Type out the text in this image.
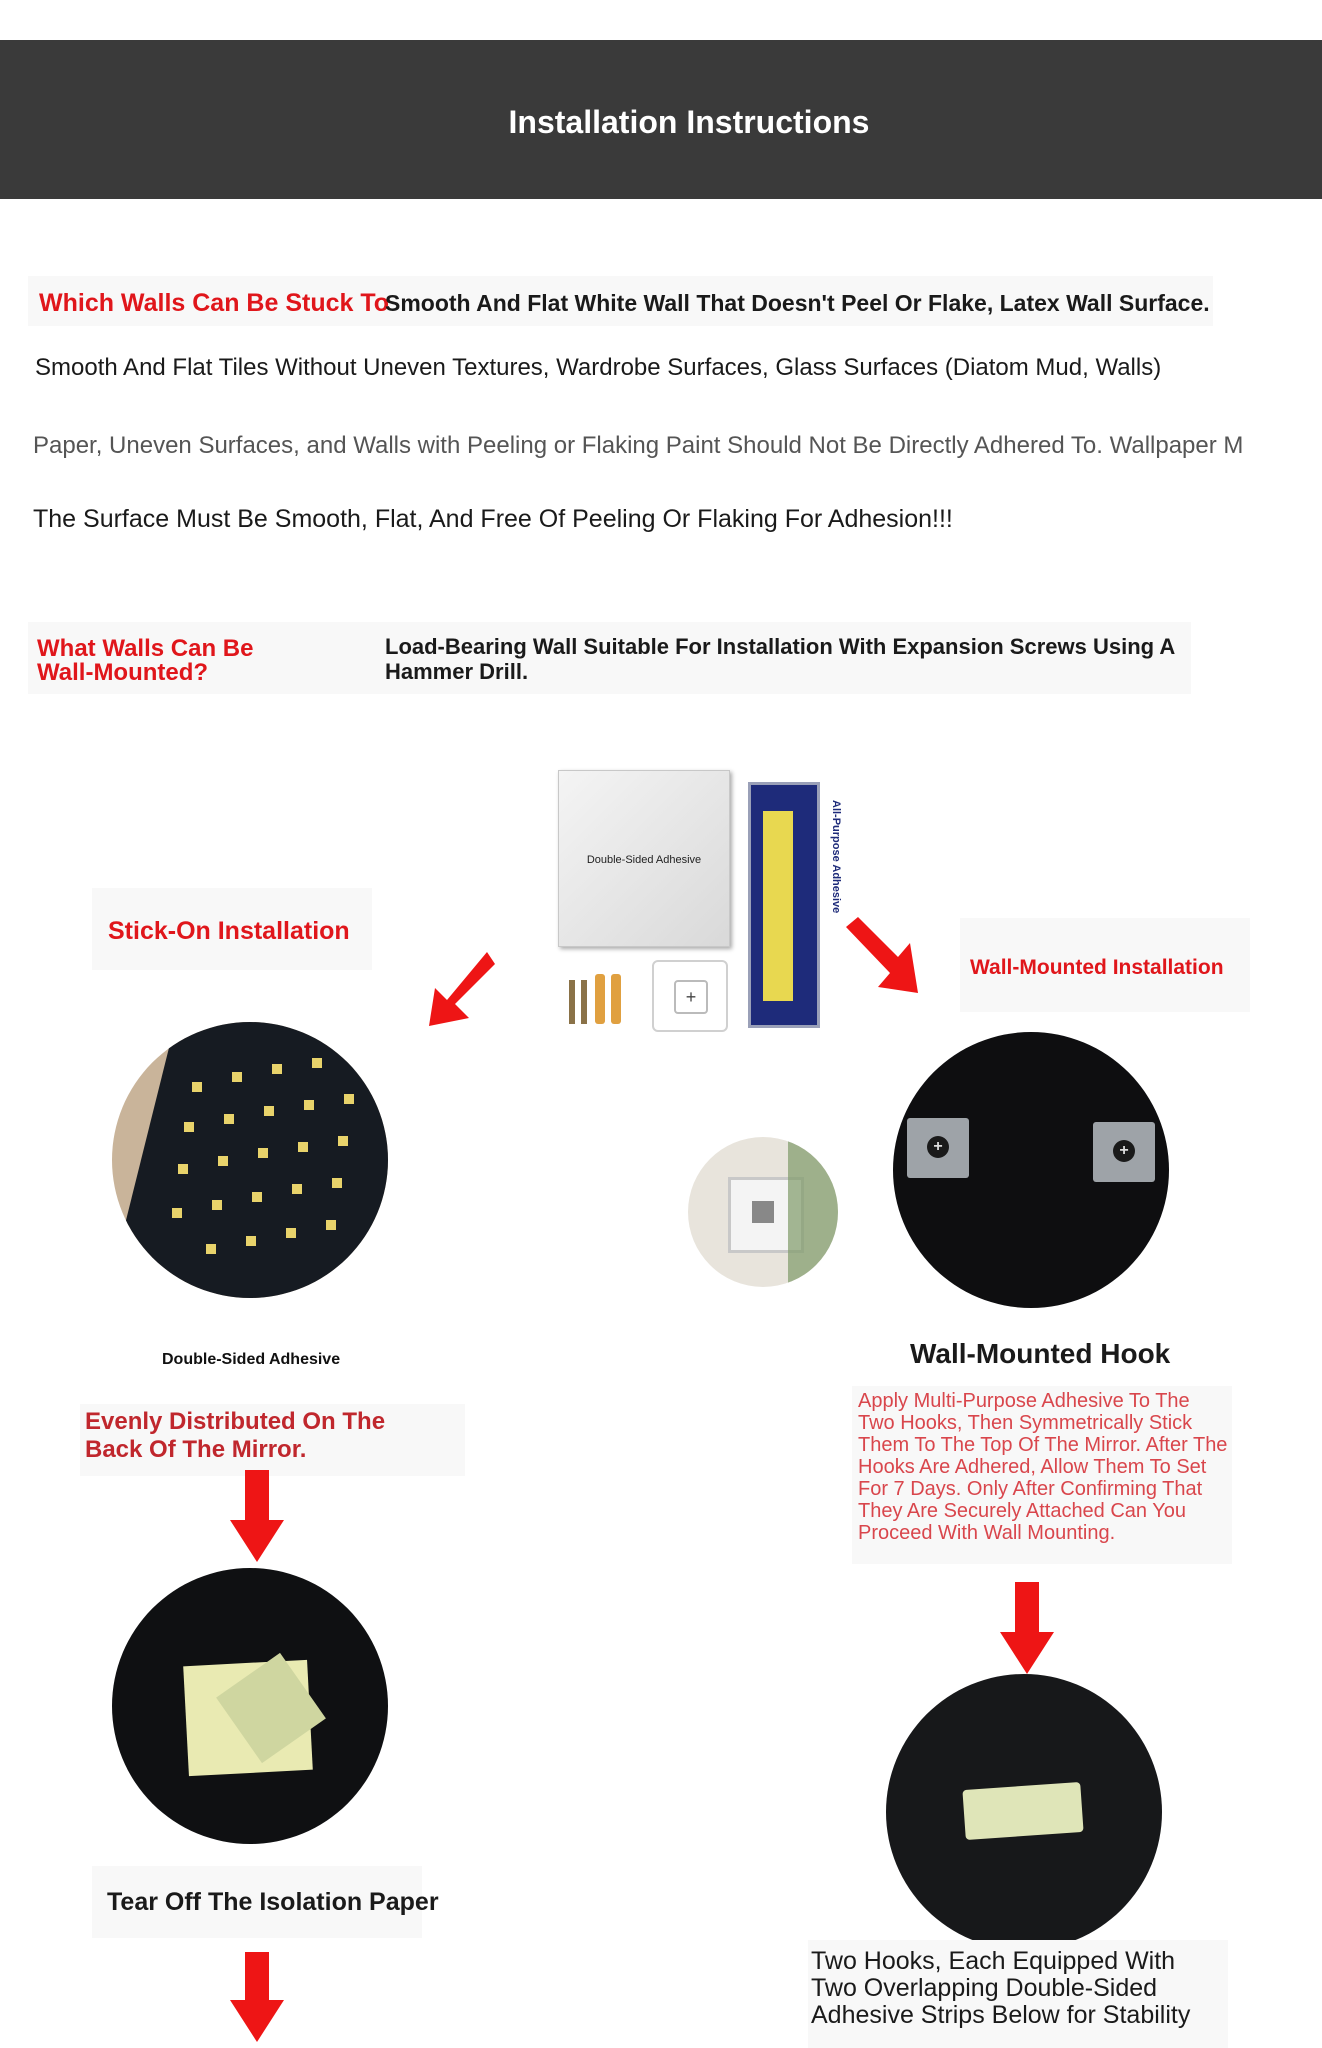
Installation Instructions
Which Walls Can Be Stuck To
Smooth And Flat White Wall That Doesn't Peel Or Flake, Latex Wall Surface.
Smooth And Flat Tiles Without Uneven Textures, Wardrobe Surfaces, Glass Surfaces (Diatom Mud, Walls)
Paper, Uneven Surfaces, and Walls with Peeling or Flaking Paint Should Not Be Directly Adhered To. Wallpaper M
The Surface Must Be Smooth, Flat, And Free Of Peeling Or Flaking For Adhesion!!!
What Walls Can Be Wall-Mounted?
Load-Bearing Wall Suitable For Installation With Expansion Screws Using A Hammer Drill.
Double-Sided Adhesive	All-Purpose Adhesive
+
Stick-On Installation
Double-Sided Adhesive
Evenly Distributed On The Back Of The Mirror.
Tear Off The Isolation Paper
Wall-Mounted Installation
+	+
Wall-Mounted Hook
Apply Multi-Purpose Adhesive To The Two Hooks, Then Symmetrically Stick Them To The Top Of The Mirror. After The Hooks Are Adhered, Allow Them To Set For 7 Days. Only After Confirming That They Are Securely Attached Can You Proceed With Wall Mounting.
Two Hooks, Each Equipped With Two Overlapping Double-Sided Adhesive Strips Below for Stability
